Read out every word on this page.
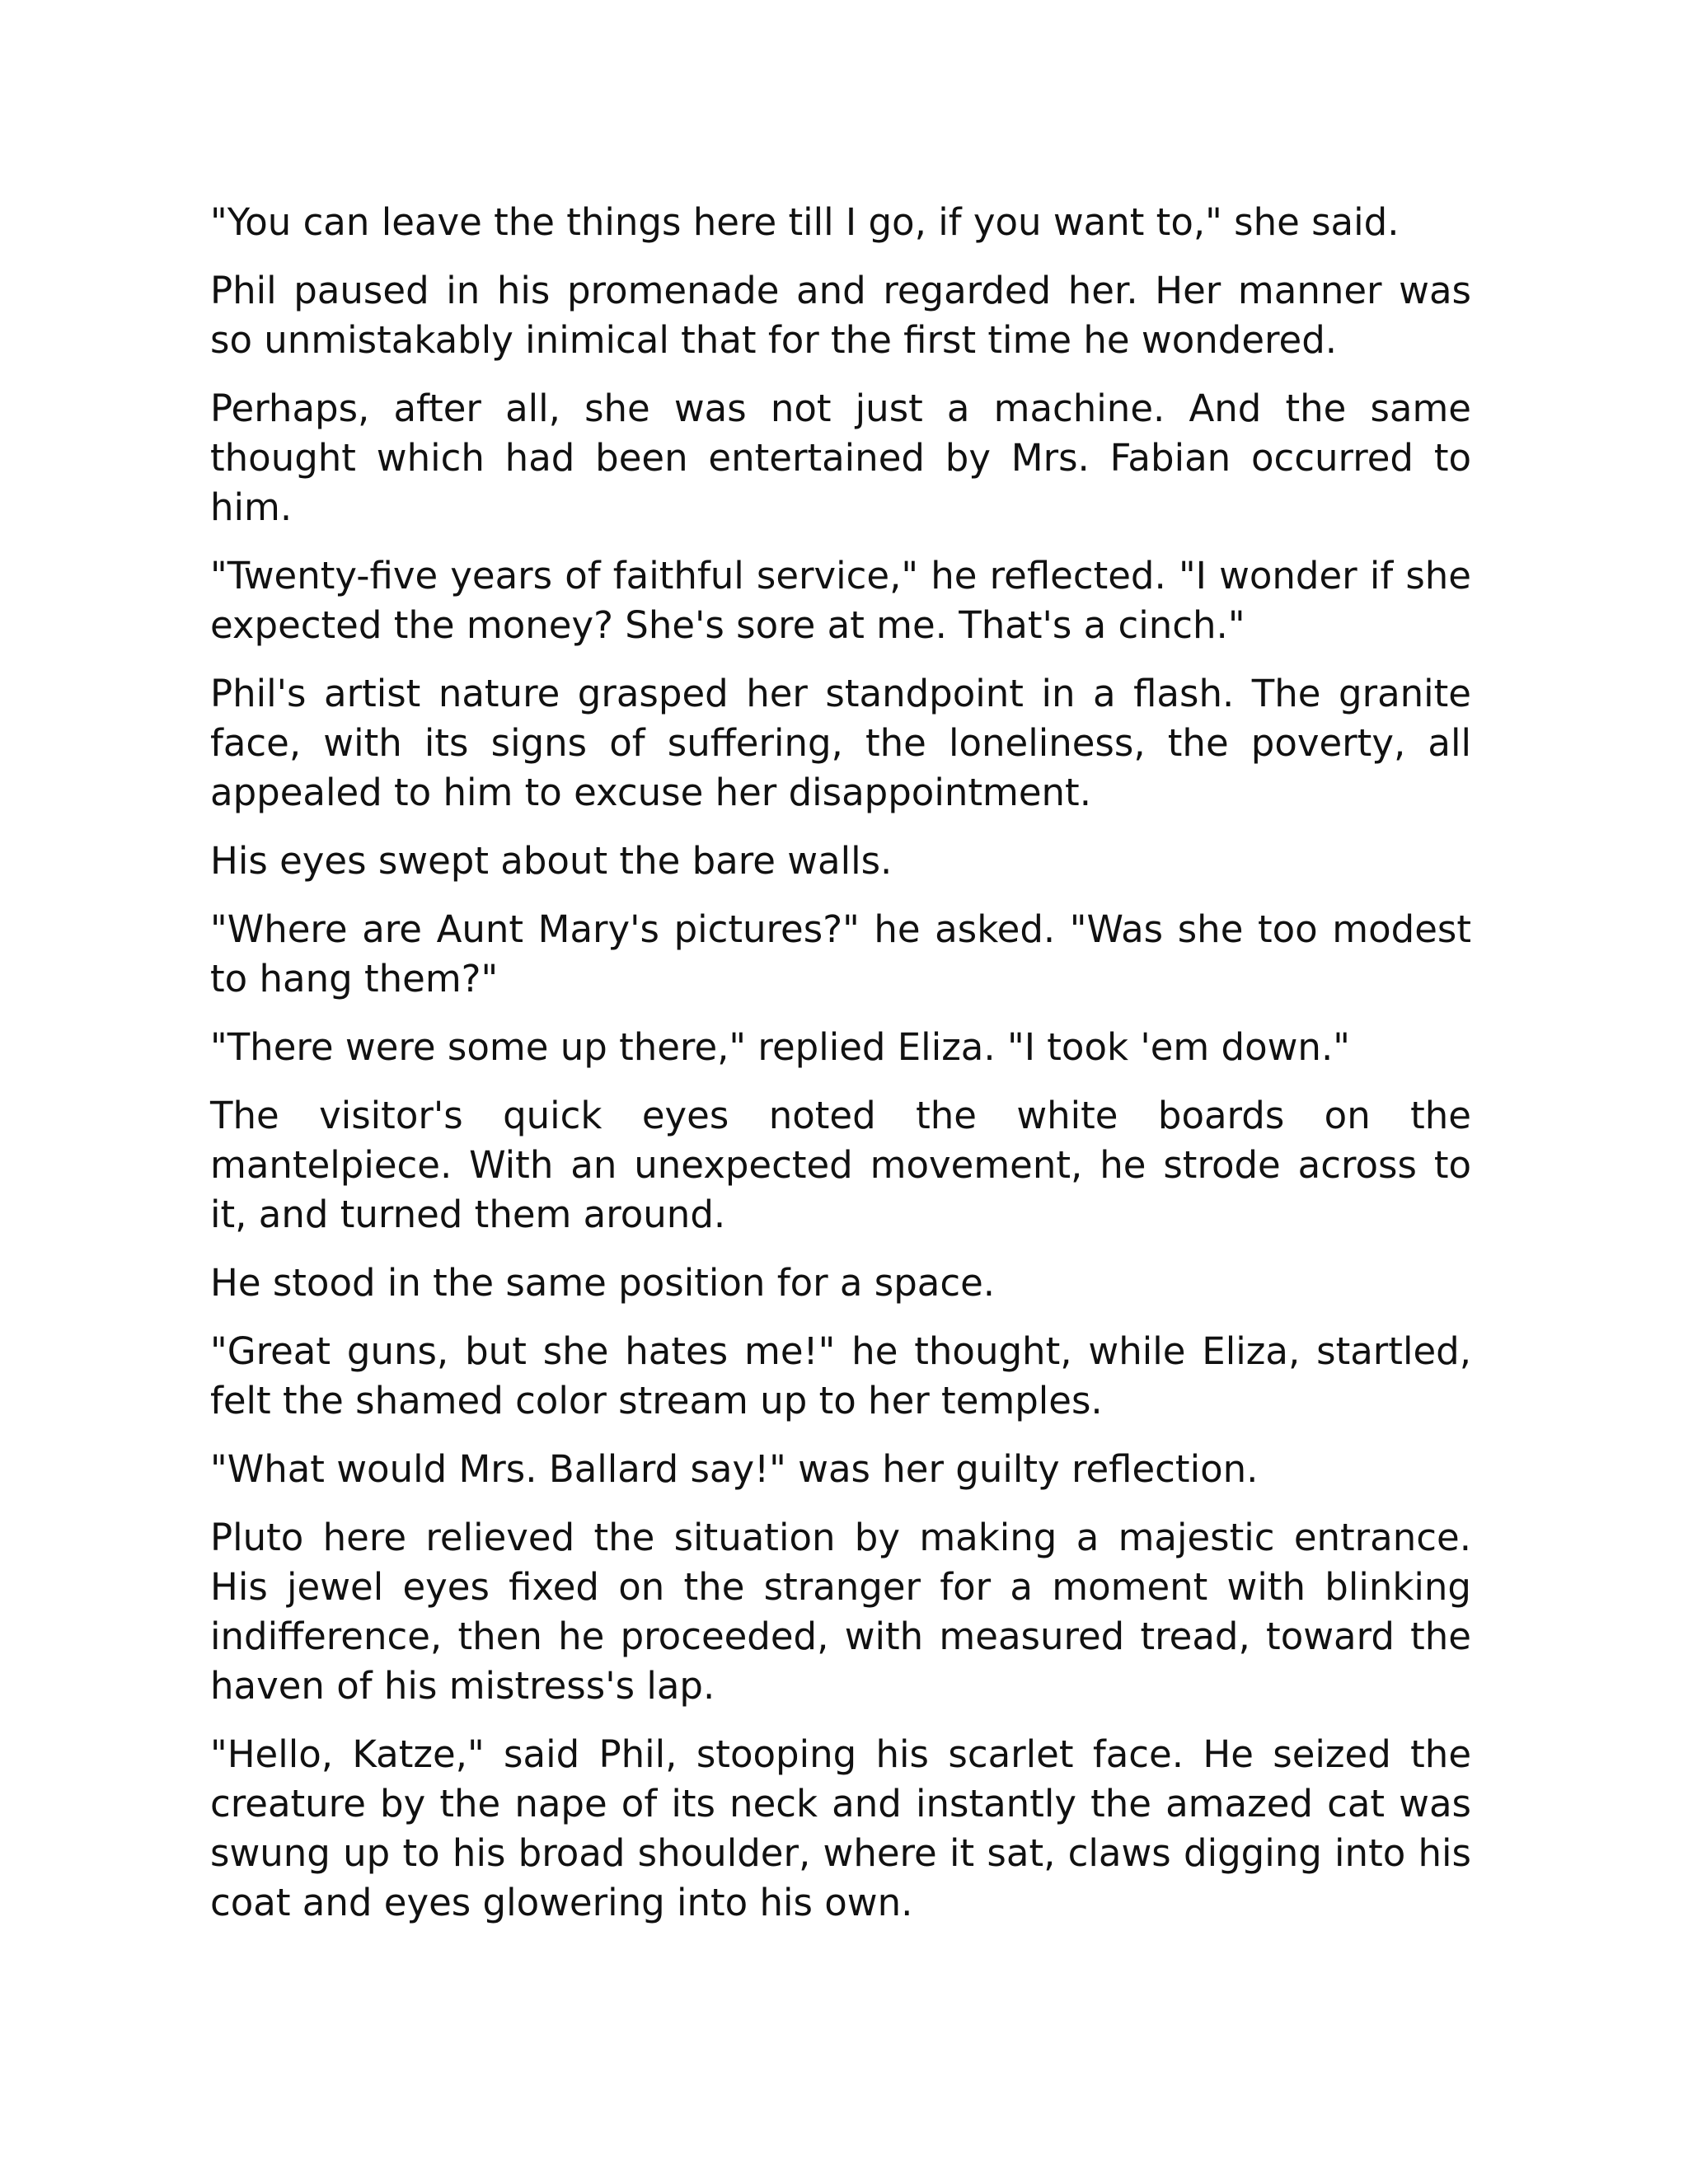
"You can leave the things here till I go, if you want to," she said.

Phil paused in his promenade and regarded her. Her manner was so unmistakably inimical that for the first time he wondered.

Perhaps, after all, she was not just a machine. And the same thought which had been entertained by Mrs. Fabian occurred to him.

"Twenty-five years of faithful service," he reflected. "I wonder if she expected the money? She's sore at me. That's a cinch."

Phil's artist nature grasped her standpoint in a flash. The granite face, with its signs of suffering, the loneliness, the poverty, all appealed to him to excuse her disappointment.

His eyes swept about the bare walls.

"Where are Aunt Mary's pictures?" he asked. "Was she too modest to hang them?"

"There were some up there," replied Eliza. "I took 'em down."

The visitor's quick eyes noted the white boards on the mantelpiece. With an unexpected movement, he strode across to it, and turned them around.

He stood in the same position for a space.

"Great guns, but she hates me!" he thought, while Eliza, startled, felt the shamed color stream up to her temples.

"What would Mrs. Ballard say!" was her guilty reflection.

Pluto here relieved the situation by making a majestic entrance. His jewel eyes fixed on the stranger for a moment with blinking indifference, then he proceeded, with measured tread, toward the haven of his mistress's lap.

"Hello, Katze," said Phil, stooping his scarlet face. He seized the creature by the nape of its neck and instantly the amazed cat was swung up to his broad shoulder, where it sat, claws digging into his coat and eyes glowering into his own.
